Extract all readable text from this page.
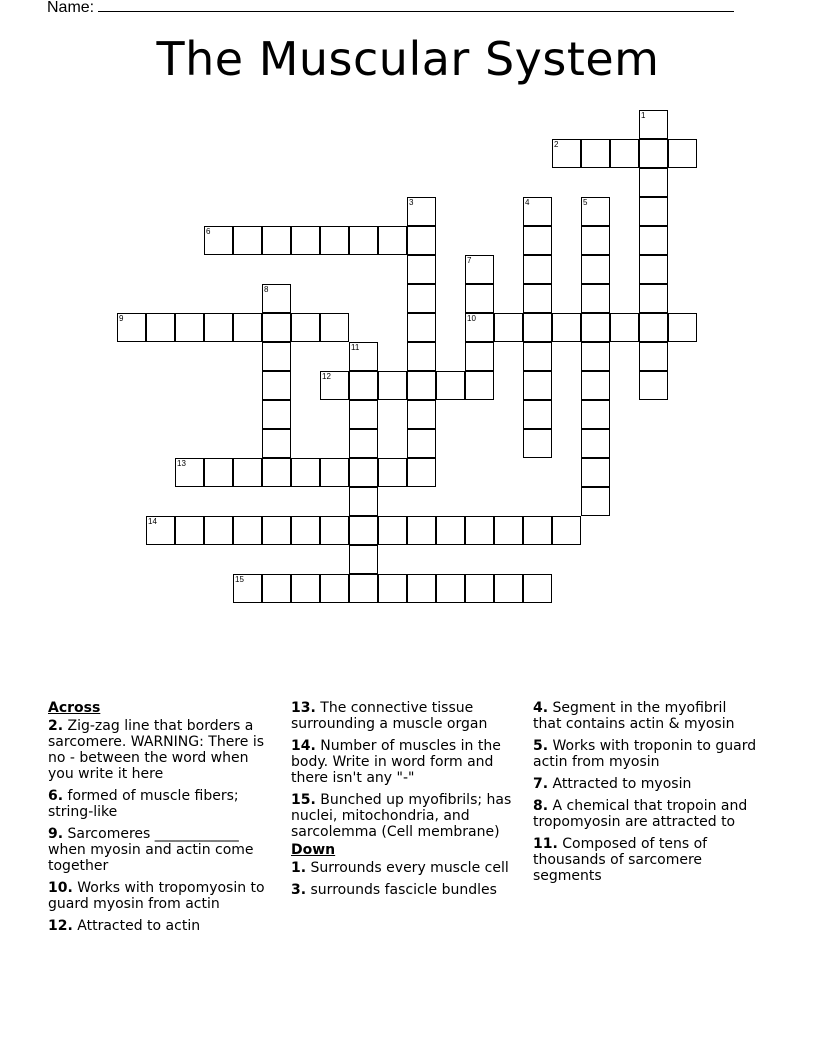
Name:
The Muscular System
1
2
3	4	5
6
7
10
8
9
11
12
13
14
15
Across
2. Zig-zag line that borders a sarcomere. WARNING: There is no - between the word when you write it here
6. formed of muscle fibers; string-like
9. Sarcomeres ____________ when myosin and actin come together
10. Works with tropomyosin to guard myosin from actin
12. Attracted to actin
13. The connective tissue surrounding a muscle organ
14. Number of muscles in the body. Write in word form and there isn't any "-"
15. Bunched up myofibrils; has nuclei, mitochondria, and sarcolemma (Cell membrane)
Down
1. Surrounds every muscle cell
3. surrounds fascicle bundles
4. Segment in the myofibril that contains actin & myosin
5. Works with troponin to guard actin from myosin
7. Attracted to myosin
8. A chemical that tropoin and tropomyosin are attracted to
11. Composed of tens of thousands of sarcomere segments
